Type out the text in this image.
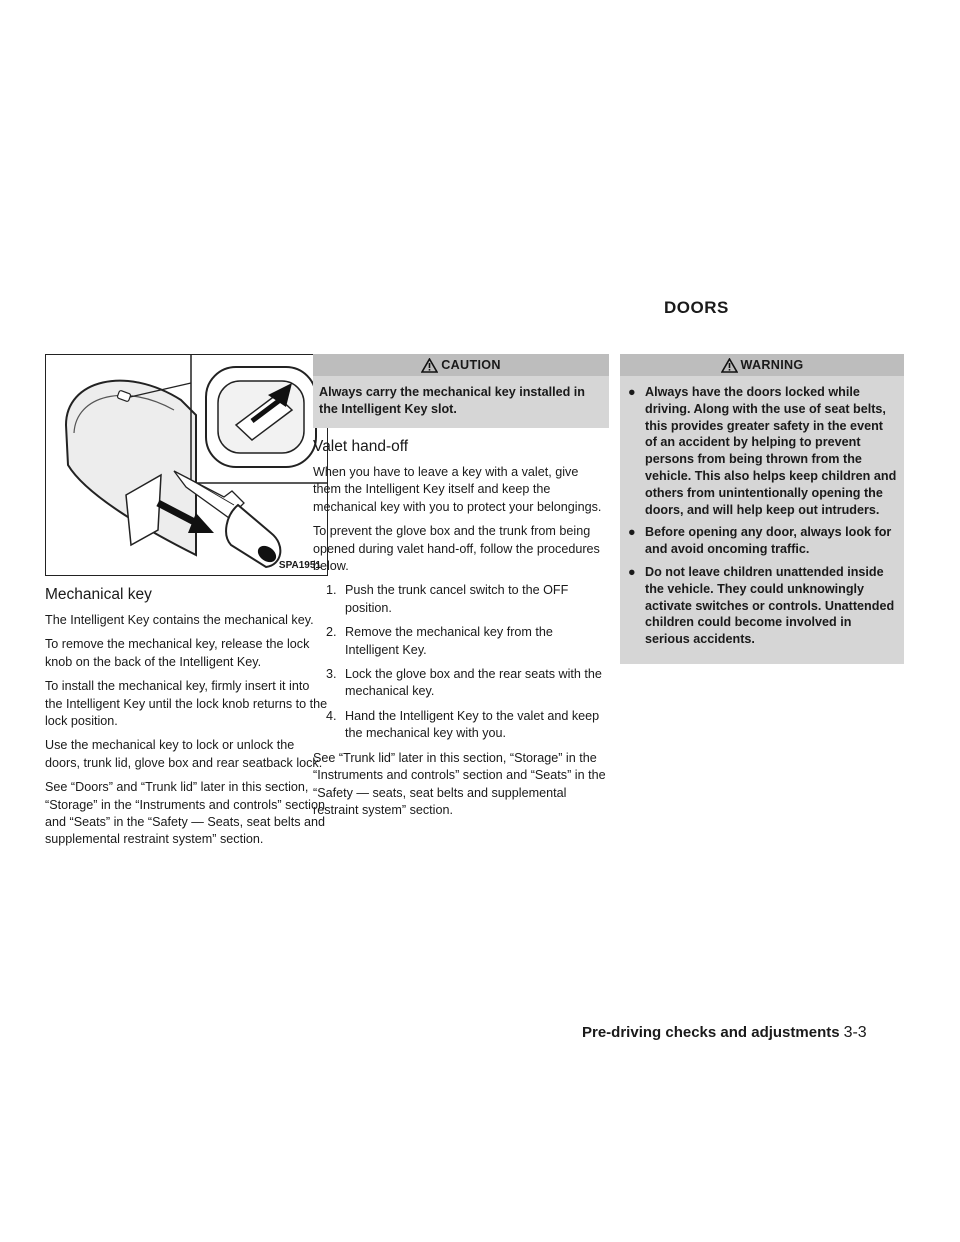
DOORS
SPA1951
Mechanical key

The Intelligent Key contains the mechanical key.

To remove the mechanical key, release the lock knob on the back of the Intelligent Key.

To install the mechanical key, firmly insert it into the Intelligent Key until the lock knob returns to the lock position.

Use the mechanical key to lock or unlock the doors, trunk lid, glove box and rear seatback lock.

See “Doors” and “Trunk lid” later in this section, “Storage” in the “Instruments and controls” section and “Seats” in the “Safety — Seats, seat belts and supplemental restraint system” section.

CAUTION
Always carry the mechanical key installed in the Intelligent Key slot.
Valet hand-off

When you have to leave a key with a valet, give them the Intelligent Key itself and keep the mechanical key with you to protect your belongings.

To prevent the glove box and the trunk from being opened during valet hand-off, follow the procedures below.

1. Push the trunk cancel switch to the OFF position.
2. Remove the mechanical key from the Intelligent Key.
3. Lock the glove box and the rear seats with the mechanical key.
4. Hand the Intelligent Key to the valet and keep the mechanical key with you.

See “Trunk lid” later in this section, “Storage” in the “Instruments and controls” section and “Seats” in the “Safety — seats, seat belts and supplemental restraint system” section.

WARNING
● Always have the doors locked while driving. Along with the use of seat belts, this provides greater safety in the event of an accident by helping to prevent persons from being thrown from the vehicle. This also helps keep children and others from unintentionally opening the doors, and will help keep out intruders.
● Before opening any door, always look for and avoid oncoming traffic.
● Do not leave children unattended inside the vehicle. They could unknowingly activate switches or controls. Unattended children could become involved in serious accidents.
Pre-driving checks and adjustments 3-3
